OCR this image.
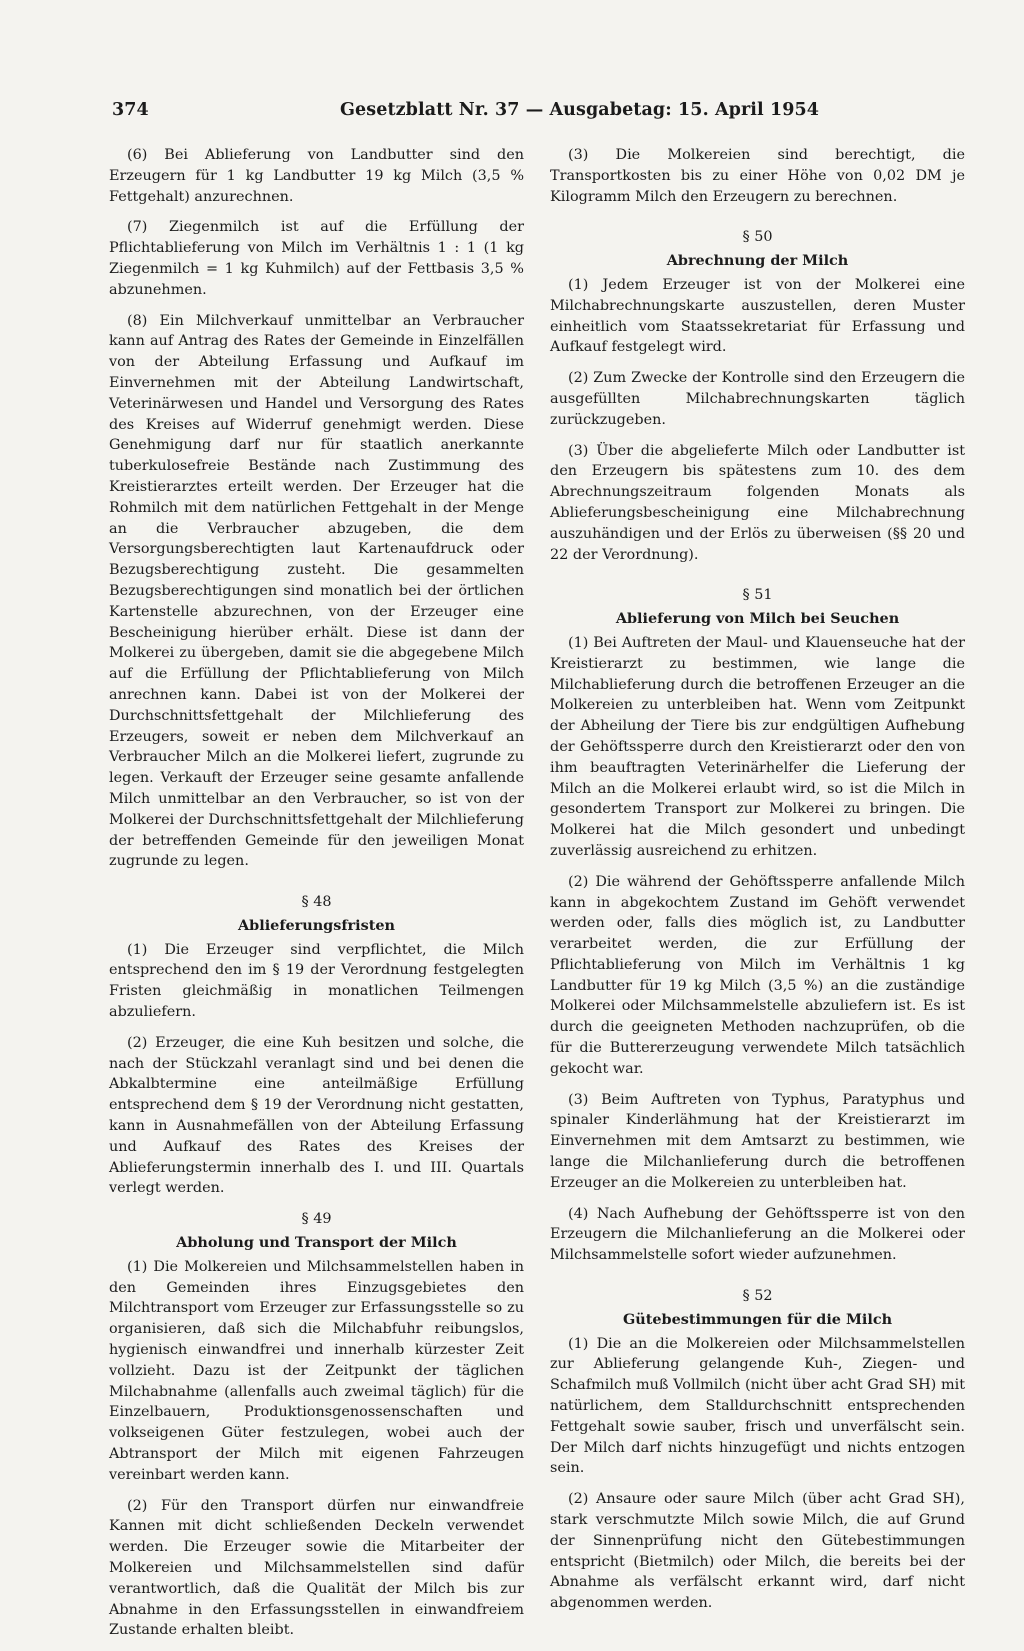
374	Gesetzblatt Nr. 37 — Ausgabetag: 15. April 1954

(6) Bei Ablieferung von Landbutter sind den Erzeugern für 1 kg Landbutter 19 kg Milch (3,5 %⁠ Fettgehalt) anzurechnen.

(7) Ziegenmilch ist auf die Erfüllung der Pflichtablieferung von Milch im Verhältnis 1 : 1 (1 kg Ziegenmilch = 1 kg Kuhmilch) auf der Fettbasis 3,5 % abzunehmen.

(8) Ein Milchverkauf unmittelbar an Verbraucher kann auf Antrag des Rates der Gemeinde in Einzelfällen von der Abteilung Erfassung und Aufkauf im Einvernehmen mit der Abteilung Landwirtschaft, Veterinärwesen und Handel und Versorgung des Rates des Kreises auf Widerruf genehmigt werden. Diese Genehmigung darf nur für staatlich anerkannte tuberkulosefreie Bestände nach Zustimmung des Kreistierarztes erteilt werden. Der Erzeuger hat die Rohmilch mit dem natürlichen Fettgehalt in der Menge an die Verbraucher abzugeben, die dem Versorgungsberechtigten laut Kartenaufdruck oder Bezugsberechtigung zusteht. Die gesammelten Bezugsberechtigungen sind monatlich bei der örtlichen Kartenstelle abzurechnen, von der Erzeuger eine Bescheinigung hierüber erhält. Diese ist dann der Molkerei zu übergeben, damit sie die abgegebene Milch auf die Erfüllung der Pflichtablieferung von Milch anrechnen kann. Dabei ist von der Molkerei der Durchschnittsfettgehalt der Milchlieferung des Erzeugers, soweit er neben dem Milchverkauf an Verbraucher Milch an die Molkerei liefert, zugrunde zu legen. Verkauft der Erzeuger seine gesamte anfallende Milch unmittelbar an den Verbraucher, so ist von der Molkerei der Durchschnittsfettgehalt der Milchlieferung der betreffenden Gemeinde für den jeweiligen Monat zugrunde zu legen.

§ 48
Ablieferungsfristen

(1) Die Erzeuger sind verpflichtet, die Milch entsprechend den im § 19 der Verordnung festgelegten Fristen gleichmäßig in monatlichen Teilmengen abzuliefern.

(2) Erzeuger, die eine Kuh besitzen und solche, die nach der Stückzahl veranlagt sind und bei denen die Abkalbtermine eine anteilmäßige Erfüllung entsprechend dem § 19 der Verordnung nicht gestatten, kann in Ausnahmefällen von der Abteilung Erfassung und Aufkauf des Rates des Kreises der Ablieferungstermin innerhalb des I. und III. Quartals verlegt werden.

§ 49
Abholung und Transport der Milch

(1) Die Molkereien und Milchsammelstellen haben in den Gemeinden ihres Einzugsgebietes den Milchtransport vom Erzeuger zur Erfassungsstelle so zu organisieren, daß sich die Milchabfuhr reibungslos, hygienisch einwandfrei und innerhalb kürzester Zeit vollzieht. Dazu ist der Zeitpunkt der täglichen Milchabnahme (allenfalls auch zweimal täglich) für die Einzelbauern, Produktionsgenossenschaften und volkseigenen Güter festzulegen, wobei auch der Abtransport der Milch mit eigenen Fahrzeugen vereinbart werden kann.

(2) Für den Transport dürfen nur einwandfreie Kannen mit dicht schließenden Deckeln verwendet werden. Die Erzeuger sowie die Mitarbeiter der Molkereien und Milchsammelstellen sind dafür verantwortlich, daß die Qualität der Milch bis zur Abnahme in den Erfassungsstellen in einwandfreiem Zustande erhalten bleibt.

(3) Die Molkereien sind berechtigt, die Transportkosten bis zu einer Höhe von 0,02 DM je Kilogramm Milch den Erzeugern zu berechnen.

§ 50
Abrechnung der Milch

(1) Jedem Erzeuger ist von der Molkerei eine Milchabrechnungskarte auszustellen, deren Muster einheitlich vom Staatssekretariat für Erfassung und Aufkauf festgelegt wird.

(2) Zum Zwecke der Kontrolle sind den Erzeugern die ausgefüllten Milchabrechnungskarten täglich zurückzugeben.

(3) Über die abgelieferte Milch oder Landbutter ist den Erzeugern bis spätestens zum 10. des dem Abrechnungszeitraum folgenden Monats als Ablieferungsbescheinigung eine Milchabrechnung auszuhändigen und der Erlös zu überweisen (§§ 20 und 22 der Verordnung).

§ 51
Ablieferung von Milch bei Seuchen

(1) Bei Auftreten der Maul- und Klauenseuche hat der Kreistierarzt zu bestimmen, wie lange die Milchablieferung durch die betroffenen Erzeuger an die Molkereien zu unterbleiben hat. Wenn vom Zeitpunkt der Abheilung der Tiere bis zur endgültigen Aufhebung der Gehöftssperre durch den Kreistierarzt oder den von ihm beauftragten Veterinärhelfer die Lieferung der Milch an die Molkerei erlaubt wird, so ist die Milch in gesondertem Transport zur Molkerei zu bringen. Die Molkerei hat die Milch gesondert und unbedingt zuverlässig ausreichend zu erhitzen.

(2) Die während der Gehöftssperre anfallende Milch kann in abgekochtem Zustand im Gehöft verwendet werden oder, falls dies möglich ist, zu Landbutter verarbeitet werden, die zur Erfüllung der Pflichtablieferung von Milch im Verhältnis 1 kg Landbutter für 19 kg Milch (3,5 %) an die zuständige Molkerei oder Milchsammelstelle abzuliefern ist. Es ist durch die geeigneten Methoden nachzuprüfen, ob die für die Buttererzeugung verwendete Milch tatsächlich gekocht war.

(3) Beim Auftreten von Typhus, Paratyphus und spinaler Kinderlähmung hat der Kreistierarzt im Einvernehmen mit dem Amtsarzt zu bestimmen, wie lange die Milchanlieferung durch die betroffenen Erzeuger an die Molkereien zu unterbleiben hat.

(4) Nach Aufhebung der Gehöftssperre ist von den Erzeugern die Milchanlieferung an die Molkerei oder Milchsammelstelle sofort wieder aufzunehmen.

§ 52
Gütebestimmungen für die Milch

(1) Die an die Molkereien oder Milchsammelstellen zur Ablieferung gelangende Kuh-, Ziegen- und Schafmilch muß Vollmilch (nicht über acht Grad SH) mit natürlichem, dem Stalldurchschnitt entsprechenden Fettgehalt sowie sauber, frisch und unverfälscht sein. Der Milch darf nichts hinzugefügt und nichts entzogen sein.

(2) Ansaure oder saure Milch (über acht Grad SH), stark verschmutzte Milch sowie Milch, die auf Grund der Sinnenprüfung nicht den Gütebestimmungen entspricht (Bietmilch) oder Milch, die bereits bei der Abnahme als verfälscht erkannt wird, darf nicht abgenommen werden.
